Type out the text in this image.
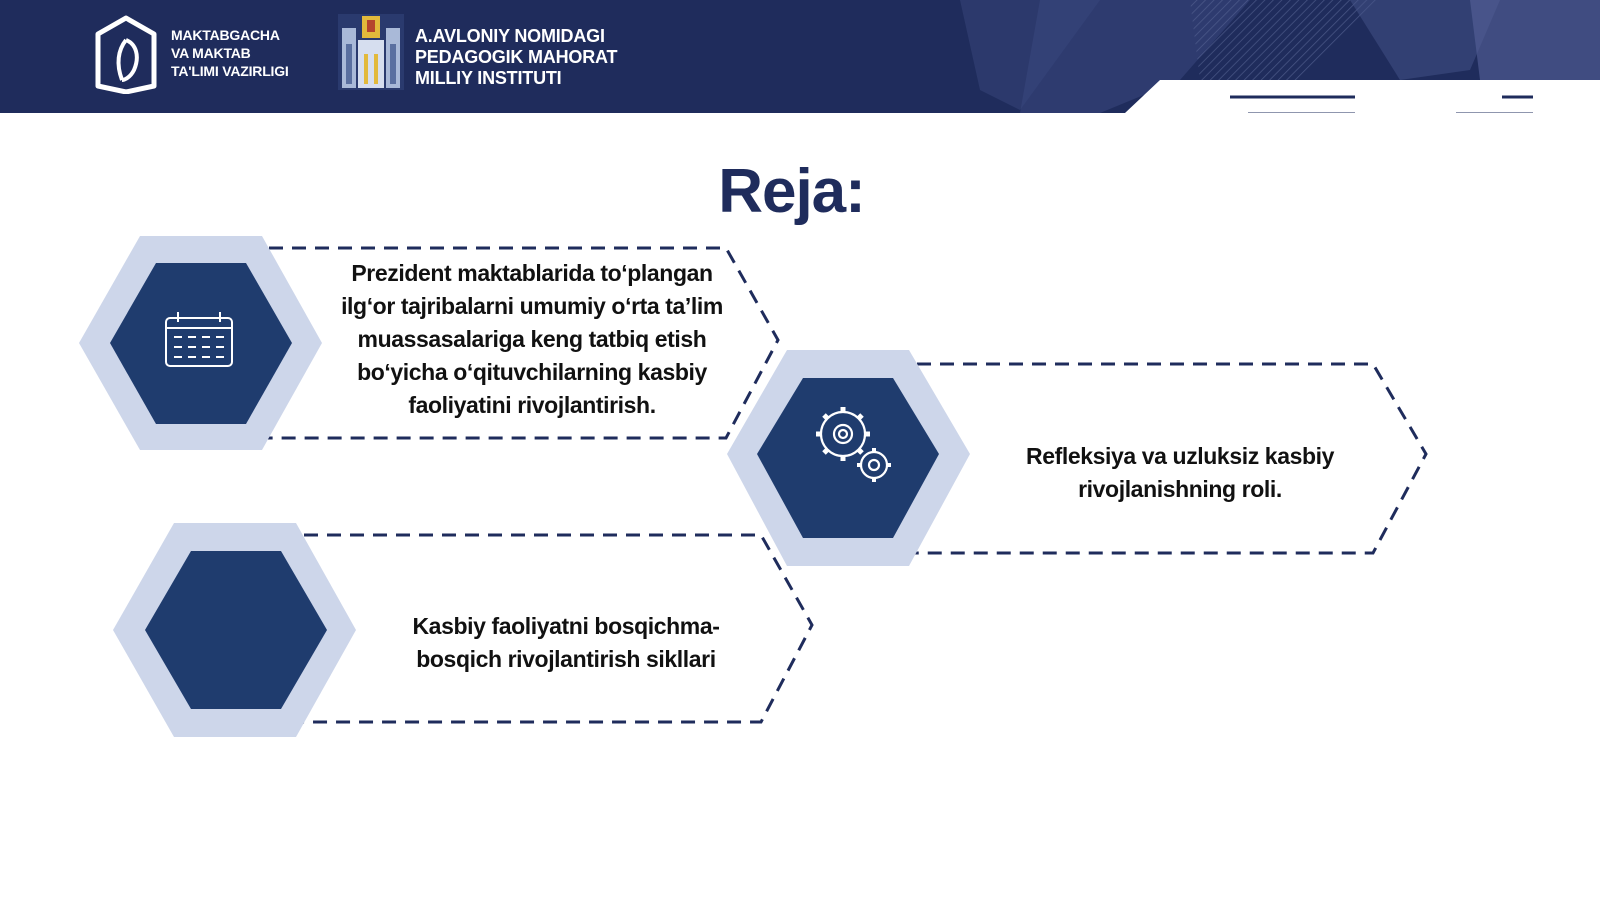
MAKTABGACHA
VA MAKTAB
TA'LIMI VAZIRLIGI
A.AVLONIY NOMIDAGI
PEDAGOGIK MAHORAT
MILLIY INSTITUTI
Reja:
Prezident maktablarida to‘plangan ilg‘or tajribalarni umumiy o‘rta ta’lim muassasalariga keng tatbiq etish bo‘yicha o‘qituvchilarning kasbiy faoliyatini rivojlantirish.
Refleksiya va uzluksiz kasbiy rivojlanishning roli.
Kasbiy faoliyatni bosqichma-bosqich rivojlantirish sikllari
